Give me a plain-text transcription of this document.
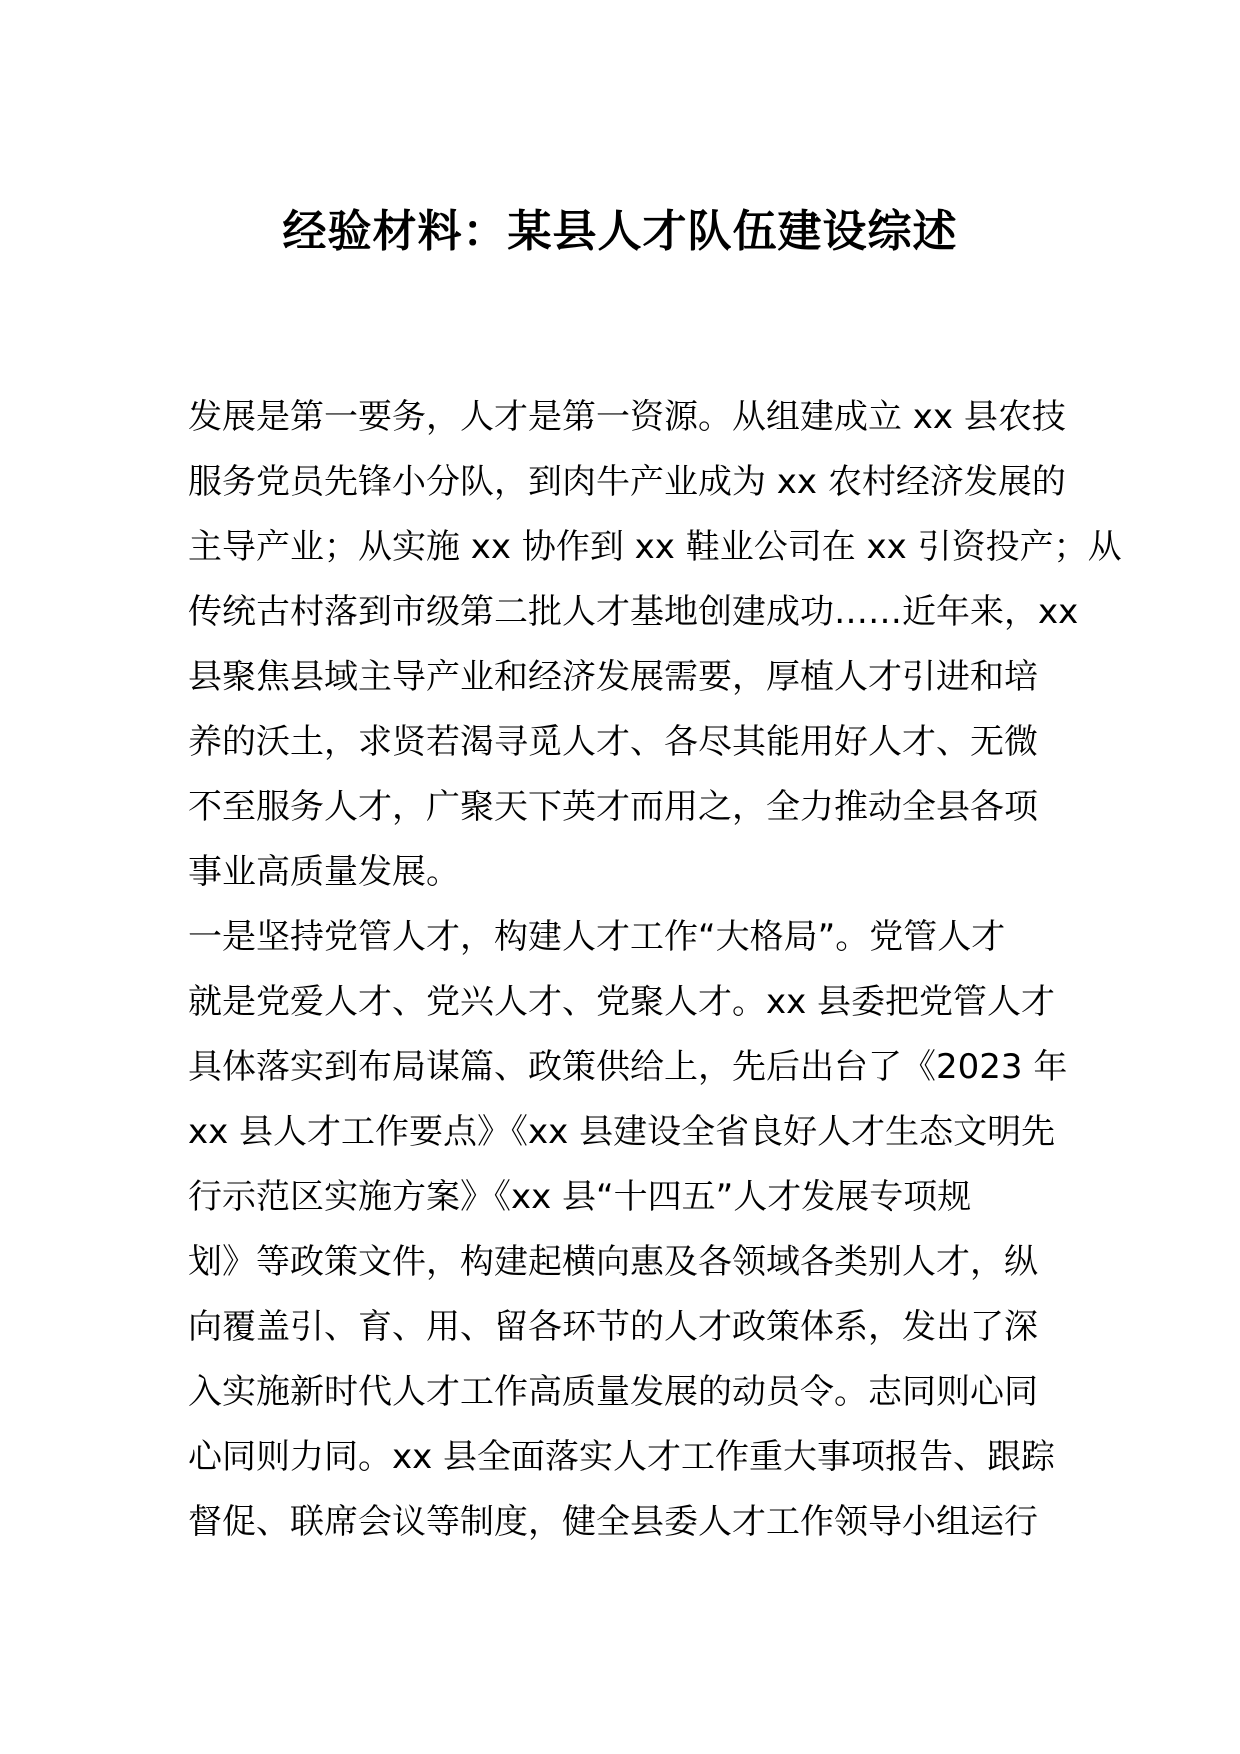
经验材料：某县人才队伍建设综述
发展是第一要务，人才是第一资源。从组建成立 xx 县农技
服务党员先锋小分队，到肉牛产业成为 xx 农村经济发展的
主导产业；从实施 xx 协作到 xx 鞋业公司在 xx 引资投产；从
传统古村落到市级第二批人才基地创建成功……近年来，xx
县聚焦县域主导产业和经济发展需要，厚植人才引进和培
养的沃土，求贤若渴寻觅人才、各尽其能用好人才、无微
不至服务人才，广聚天下英才而用之，全力推动全县各项
事业高质量发展。
一是坚持党管人才，构建人才工作“大格局”。党管人才
就是党爱人才、党兴人才、党聚人才。xx 县委把党管人才
具体落实到布局谋篇、政策供给上，先后出台了《2023 年
xx 县人才工作要点》《xx 县建设全省良好人才生态文明先
行示范区实施方案》《xx 县“十四五”人才发展专项规
划》等政策文件，构建起横向惠及各领域各类别人才，纵
向覆盖引、育、用、留各环节的人才政策体系，发出了深
入实施新时代人才工作高质量发展的动员令。志同则心同
心同则力同。xx 县全面落实人才工作重大事项报告、跟踪
督促、联席会议等制度，健全县委人才工作领导小组运行
